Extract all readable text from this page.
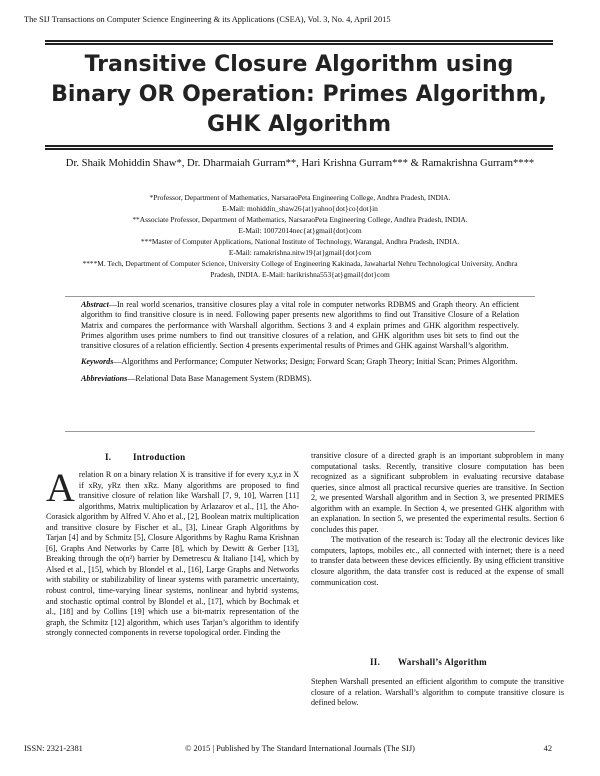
The SIJ Transactions on Computer Science Engineering & its Applications (CSEA), Vol. 3, No. 4, April 2015
Transitive Closure Algorithm using Binary OR Operation: Primes Algorithm, GHK Algorithm
Dr. Shaik Mohiddin Shaw*, Dr. Dharmaiah Gurram**, Hari Krishna Gurram*** & Ramakrishna Gurram****
*Professor, Department of Mathematics, NarsaraoPeta Engineering College, Andhra Pradesh, INDIA.
E-Mail: mohiddin_shaw26{at}yahoo{dot}co{dot}in
**Associate Professor, Department of Mathematics, NarsaraoPeta Engineering College, Andhra Pradesh, INDIA.
E-Mail: 10072014nec{at}gmail{dot}com
***Master of Computer Applications, National Institute of Technology, Warangal, Andhra Pradesh, INDIA.
E-Mail: ramakrishna.nitw19{at}gmail{dot}com
****M. Tech, Department of Computer Science, University College of Engineering Kakinada, Jawaharlal Nehru Technological University, Andhra Pradesh, INDIA. E-Mail: harikrishna553{at}gmail{dot}com

Abstract—In real world scenarios, transitive closures play a vital role in computer networks RDBMS and Graph theory. An efficient algorithm to find transitive closure is in need. Following paper presents new algorithms to find out Transitive Closure of a Relation Matrix and compares the performance with Warshall algorithm. Sections 3 and 4 explain primes and GHK algorithm respectively. Primes algorithm uses prime numbers to find out transitive closures of a relation, and GHK algorithm uses bit sets to find out the transitive closures of a relation efficiently. Section 4 presents experimental results of Primes and GHK against Warshall’s algorithm.

Keywords—Algorithms and Performance; Computer Networks; Design; Forward Scan; Graph Theory; Initial Scan; Primes Algorithm.

Abbreviations—Relational Data Base Management System (RDBMS).

I. Introduction

Arelation R on a binary relation X is transitive if for every x,y,z in X if xRy, yRz then xRz. Many algorithms are proposed to find transitive closure of relation like Warshall [7, 9, 10], Warren [11] algorithms, Matrix multiplication by Arlazarov et al., [1], the Aho-Corasick algorithm by Alfred V. Aho et al., [2], Boolean matrix multiplication and transitive closure by Fischer et al., [3], Linear Graph Algorithms by Tarjan [4] and by Schmitz [5], Closure Algorithms by Raghu Rama Krishnan [6], Graphs And Networks by Carre [8], which by Dewitt & Gerber [13], Breaking through the o(n²) barrier by Demetrescu & Italiano [14], which by Alsed et al., [15], which by Blondel et al., [16], Large Graphs and Networks with stability or stabilizability of linear systems with parametric uncertainty, robust control, time-varying linear systems, nonlinear and hybrid systems, and stochastic optimal control by Blondel et al., [17], which by Bochmak et al., [18] and by Collins [19] which use a bit-matrix representation of the graph, the Schmitz [12] algorithm, which uses Tarjan’s algorithm to identify strongly connected components in reverse topological order. Finding the

transitive closure of a directed graph is an important subproblem in many computational tasks. Recently, transitive closure computation has been recognized as a significant subproblem in evaluating recursive database queries, since almost all practical recursive queries are transitive. In Section 2, we presented Warshall algorithm and in Section 3, we presented PRIMES algorithm with an example. In Section 4, we presented GHK algorithm with an explanation. In section 5, we presented the experimental results. Section 6 concludes this paper.

The motivation of the research is: Today all the electronic devices like computers, laptops, mobiles etc., all connected with internet; there is a need to transfer data between these devices efficiently. By using efficient transitive closure algorithm, the data transfer cost is reduced at the expense of small communication cost.

II. Warshall’s Algorithm

Stephen Warshall presented an efficient algorithm to compute the transitive closure of a relation. Warshall’s algorithm to compute transitive closure is defined below.

ISSN: 2321-2381	© 2015 | Published by The Standard International Journals (The SIJ)	42
